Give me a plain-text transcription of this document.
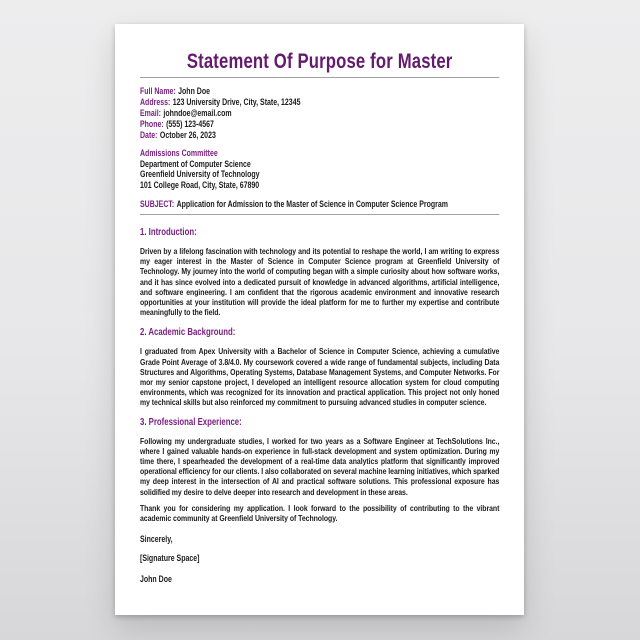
Statement Of Purpose for Master
Full Name: John Doe
Address: 123 University Drive, City, State, 12345
Email: johndoe@email.com
Phone: (555) 123-4567
Date: October 26, 2023
Admissions Committee
Department of Computer Science
Greenfield University of Technology
101 College Road, City, State, 67890
SUBJECT: Application for Admission to the Master of Science in Computer Science Program
1. Introduction:
Driven by a lifelong fascination with technology and its potential to reshape the world, I am writing to express my eager interest in the Master of Science in Computer Science program at Greenfield University of Technology. My journey into the world of computing began with a simple curiosity about how software works, and it has since evolved into a dedicated pursuit of knowledge in advanced algorithms, artificial intelligence, and software engineering. I am confident that the rigorous academic environment and innovative research opportunities at your institution will provide the ideal platform for me to further my expertise and contribute meaningfully to the field.
2. Academic Background:
I graduated from Apex University with a Bachelor of Science in Computer Science, achieving a cumulative Grade Point Average of 3.8/4.0. My coursework covered a wide range of fundamental subjects, including Data Structures and Algorithms, Operating Systems, Database Management Systems, and Computer Networks. For mor my senior capstone project, I developed an intelligent resource allocation system for cloud computing environments, which was recognized for its innovation and practical application. This project not only honed my technical skills but also reinforced my commitment to pursuing advanced studies in computer science.
3. Professional Experience:
Following my undergraduate studies, I worked for two years as a Software Engineer at TechSolutions Inc., where I gained valuable hands-on experience in full-stack development and system optimization. During my time there, I spearheaded the development of a real-time data analytics platform that significantly improved operational efficiency for our clients. I also collaborated on several machine learning initiatives, which sparked my deep interest in the intersection of AI and practical software solutions. This professional exposure has solidified my desire to delve deeper into research and development in these areas.
Thank you for considering my application. I look forward to the possibility of contributing to the vibrant academic community at Greenfield University of Technology.
Sincerely,
[Signature Space]
John Doe
